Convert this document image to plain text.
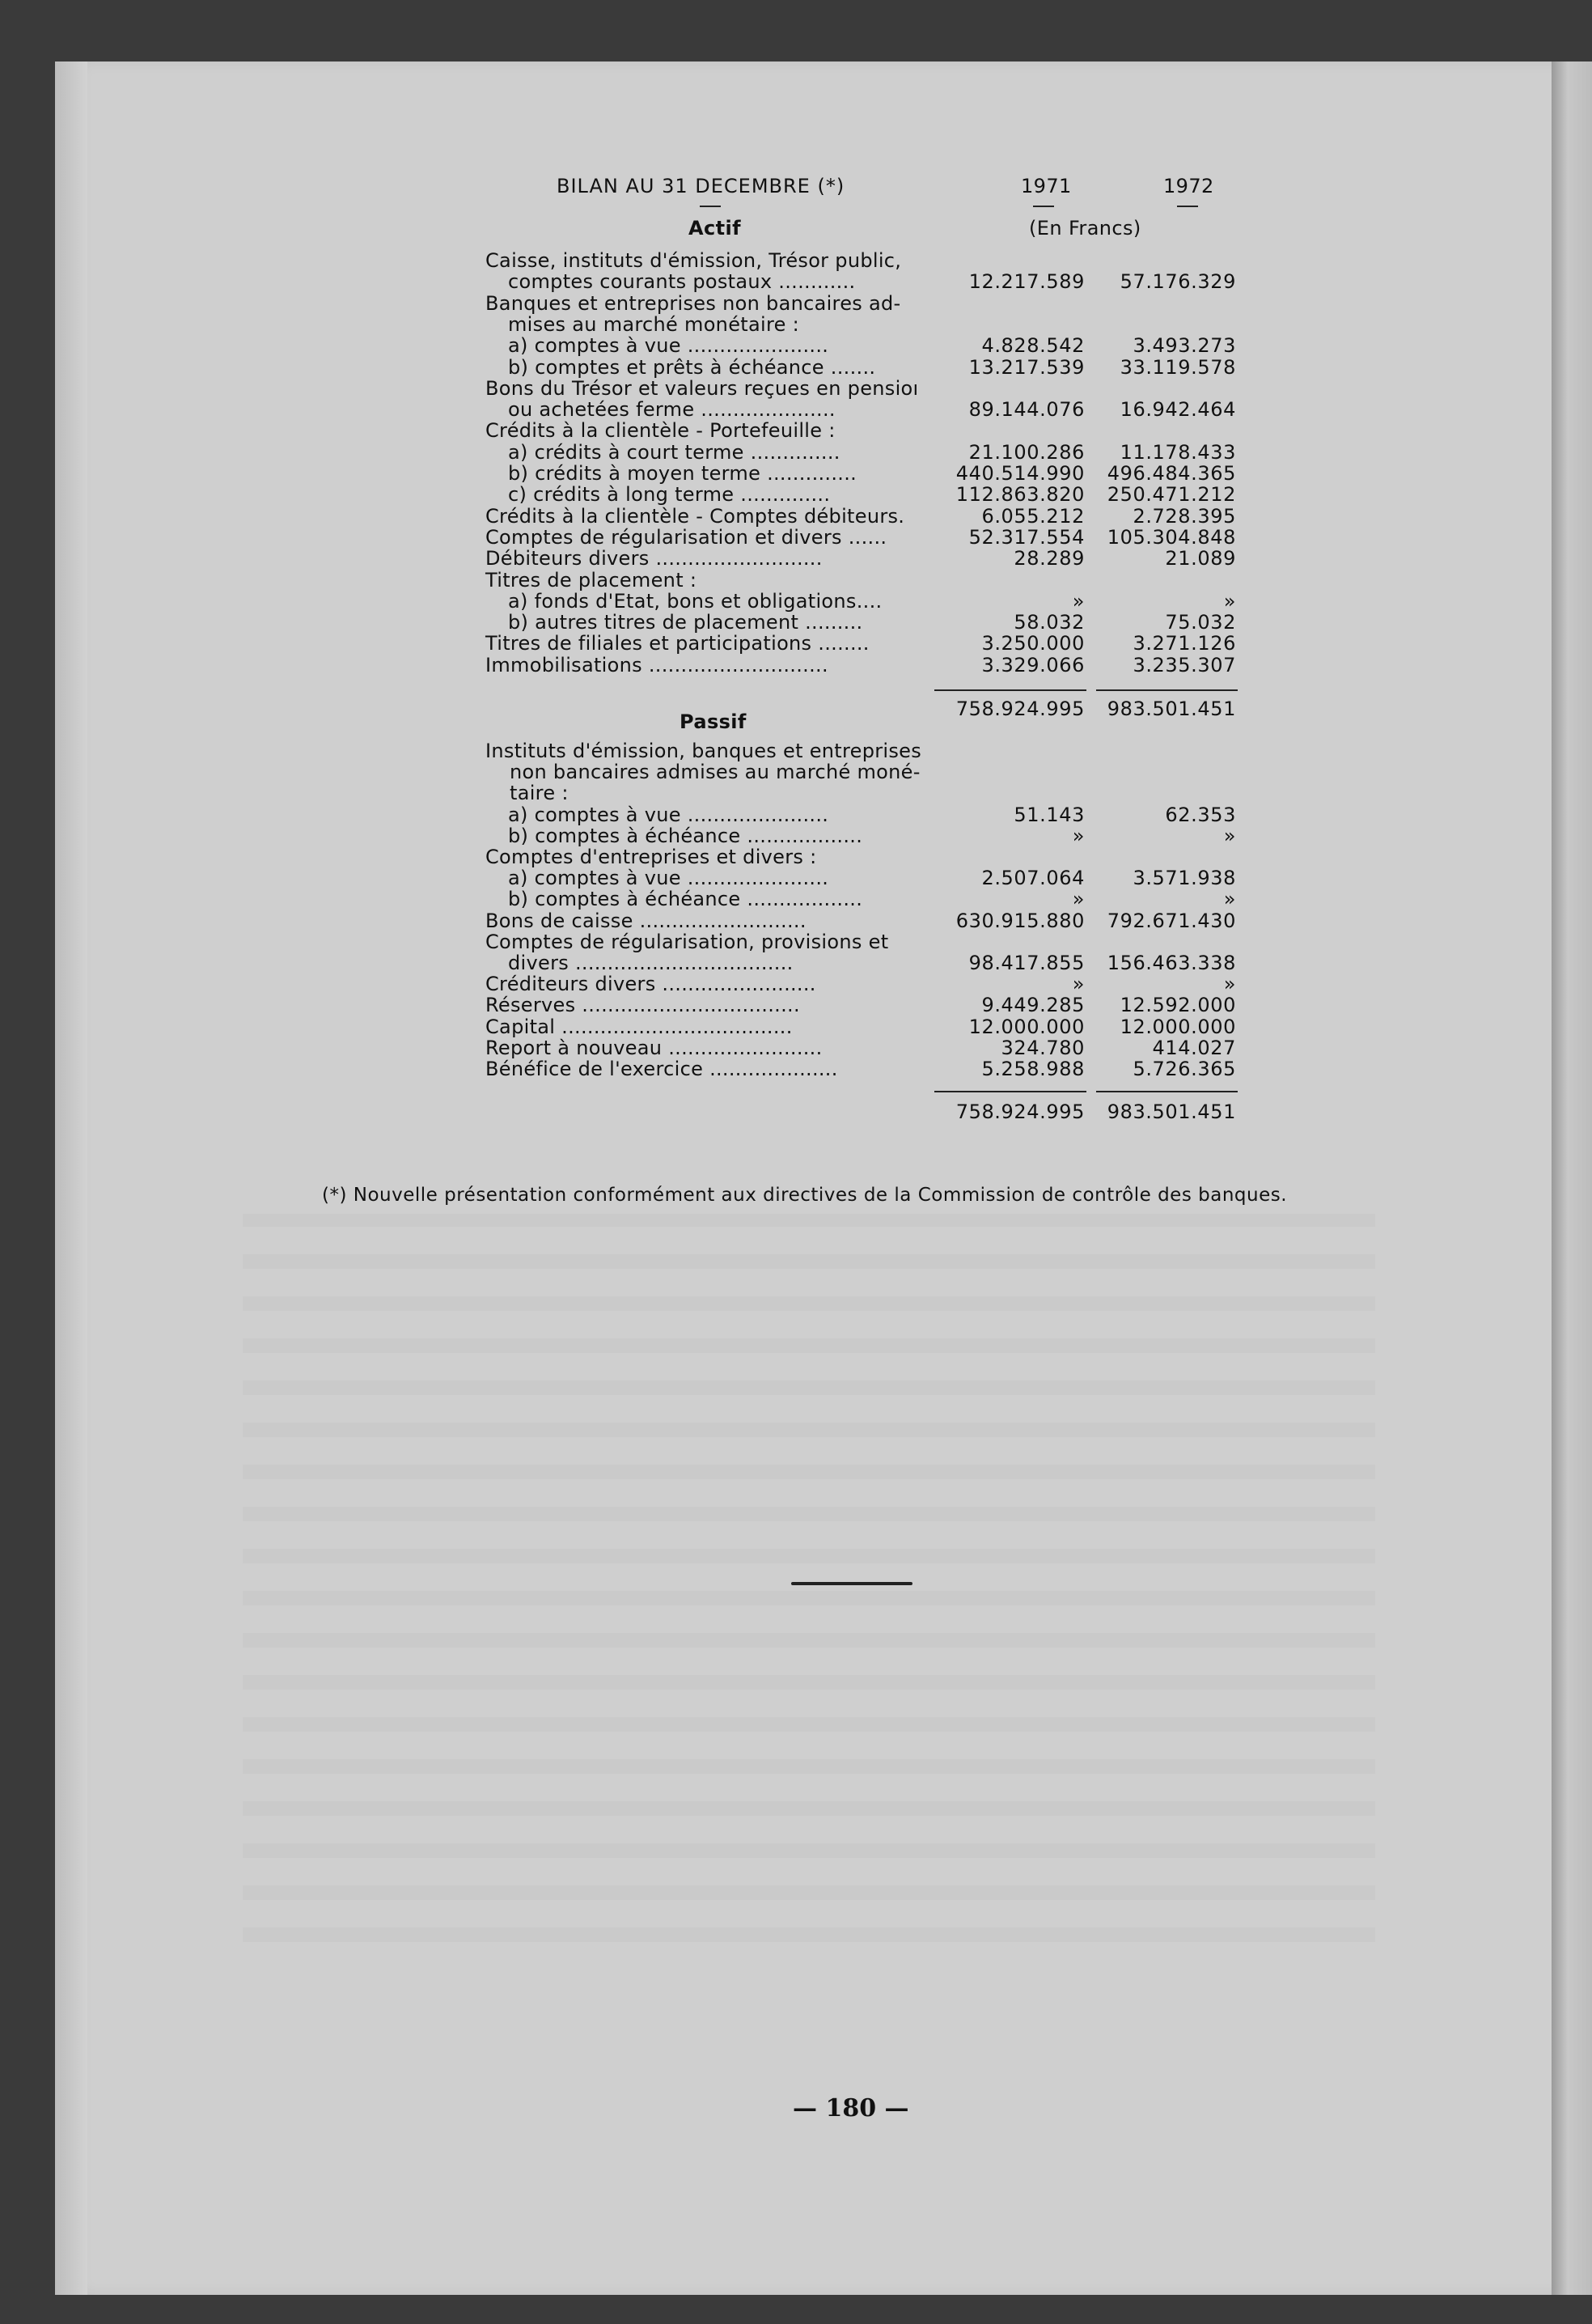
BILAN AU 31 DECEMBRE (*)	1971	1972
Actif	(En Francs)
Caisse, instituts d'émission, Trésor public,
comptes courants postaux ............	12.217.589 57.176.329
Banques et entreprises non bancaires ad-
mises au marché monétaire :
a) comptes à vue ......................	4.828.542 3.493.273
b) comptes et prêts à échéance .......	13.217.539 33.119.578
Bons du Trésor et valeurs reçues en pensioı
ou achetées ferme .....................	89.144.076 16.942.464
Crédits à la clientèle - Portefeuille :
a) crédits à court terme ..............	21.100.286 11.178.433
b) crédits à moyen terme ..............	440.514.990 496.484.365
c) crédits à long terme ..............	112.863.820 250.471.212
Crédits à la clientèle - Comptes débiteurs.	6.055.212 2.728.395
Comptes de régularisation et divers ......	52.317.554 105.304.848
Débiteurs divers ..........................	28.289	21.089
Titres de placement :
a) fonds d'Etat, bons et obligations....	»	»
b) autres titres de placement .........	58.032	75.032
Titres de filiales et participations ........	3.250.000 3.271.126
Immobilisations ............................	3.329.066 3.235.307
758.924.995 983.501.451
Passif
Instituts d'émission, banques et entreprises
non bancaires admises au marché moné-
taire :
a) comptes à vue ......................	51.143	62.353
b) comptes à échéance ..................	»	»
Comptes d'entreprises et divers :
a) comptes à vue ......................	2.507.064 3.571.938
b) comptes à échéance ..................	»	»
Bons de caisse ..........................	630.915.880 792.671.430
Comptes de régularisation, provisions et
divers ..................................	98.417.855 156.463.338
Créditeurs divers ........................	»	»
Réserves ..................................	9.449.285 12.592.000
Capital ....................................	12.000.000 12.000.000
Report à nouveau ........................	324.780	414.027
Bénéfice de l'exercice ....................	5.258.988 5.726.365
758.924.995 983.501.451
(*) Nouvelle présentation conformément aux directives de la Commission de contrôle des banques.
— 180 —
